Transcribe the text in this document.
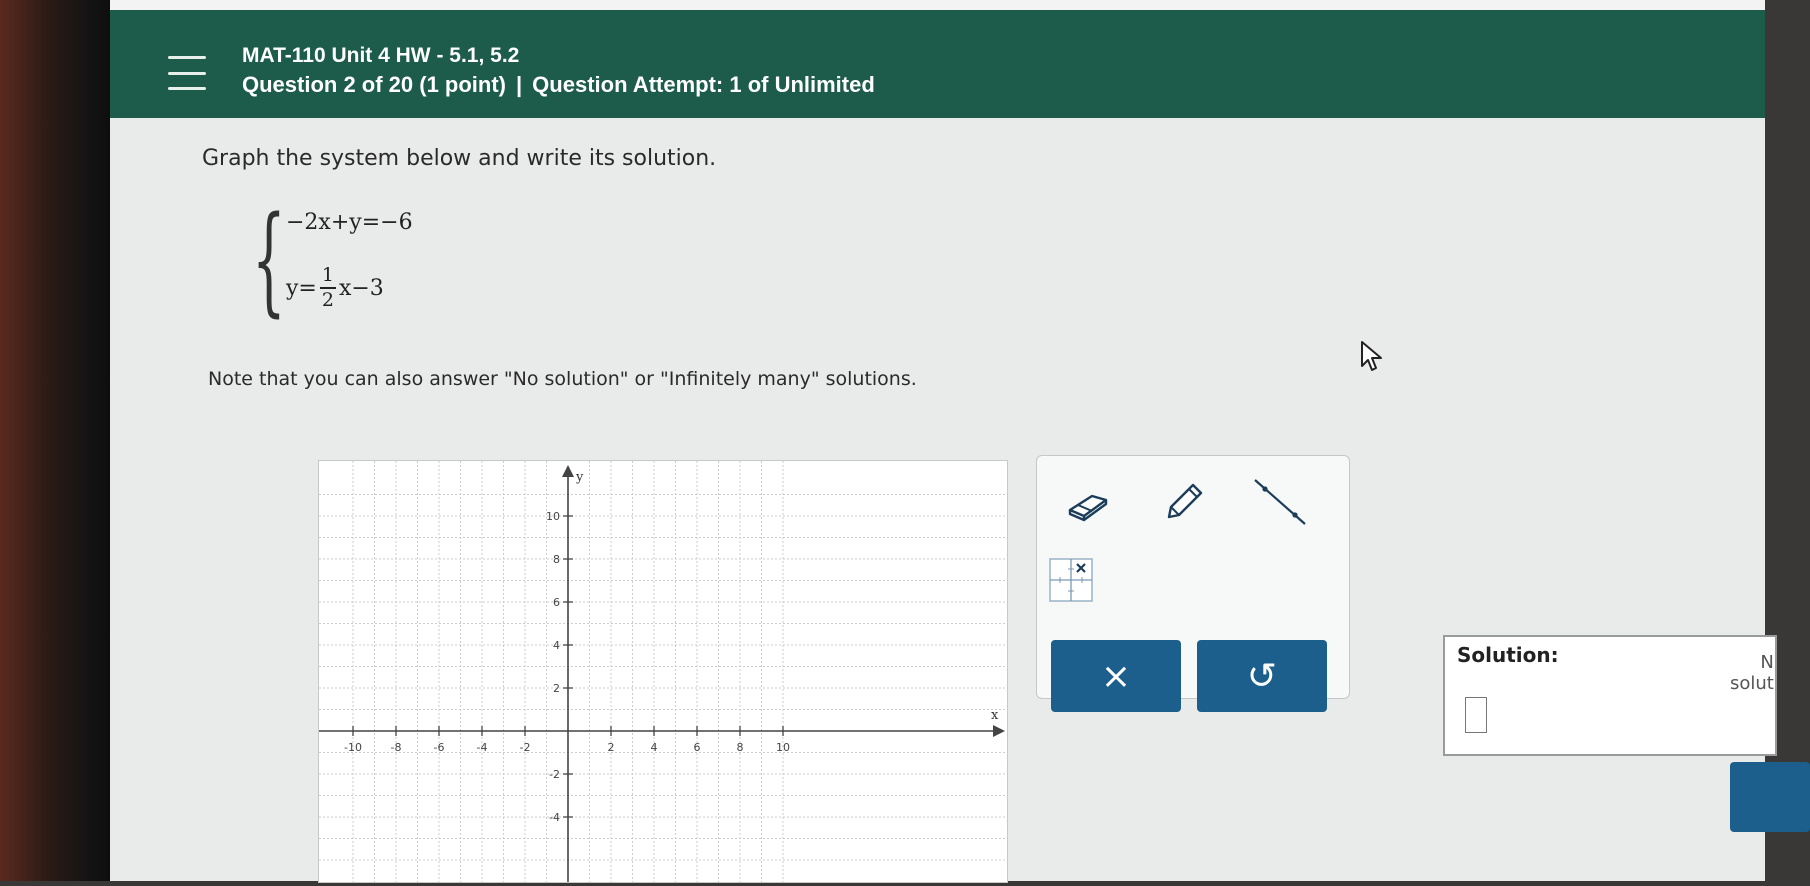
MAT-110 Unit 4 HW - 5.1, 5.2
Question 2 of 20 (1 point) | Question Attempt: 1 of Unlimited
Graph the system below and write its solution.
{ −2x+y=−6
$y= \frac{1}{2} x-3$
Note that you can also answer "No solution" or "Infinitely many" solutions.
-10	-8	-6	-4	-2	2	4	6	8	10
10
8
6
4
2
-2
-4
y
x
×	↺
Solution:	N
solut
